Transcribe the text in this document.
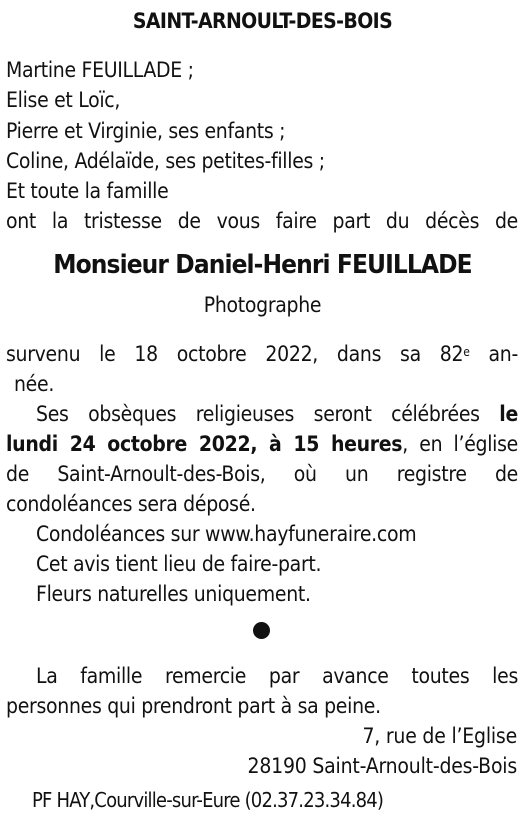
SAINT-ARNOULT-DES-BOIS
Martine FEUILLADE ;
Elise et Loïc,
Pierre et Virginie, ses enfants ;
Coline, Adélaïde, ses petites-filles ;
Et toute la famille
ont la tristesse de vous faire part du décès de
Monsieur Daniel-Henri FEUILLADE
Photographe
survenu le 18 octobre 2022, dans sa 82e an-
née.
Ses obsèques religieuses seront célébrées le
lundi 24 octobre 2022, à 15 heures, en l’église
de Saint-Arnoult-des-Bois, où un registre de
condoléances sera déposé.
Condoléances sur www.hayfuneraire.com
Cet avis tient lieu de faire-part.
Fleurs naturelles uniquement.
La famille remercie par avance toutes les
personnes qui prendront part à sa peine.
7, rue de l’Eglise
28190 Saint-Arnoult-des-Bois
PF HAY,Courville-sur-Eure (02.37.23.34.84)
